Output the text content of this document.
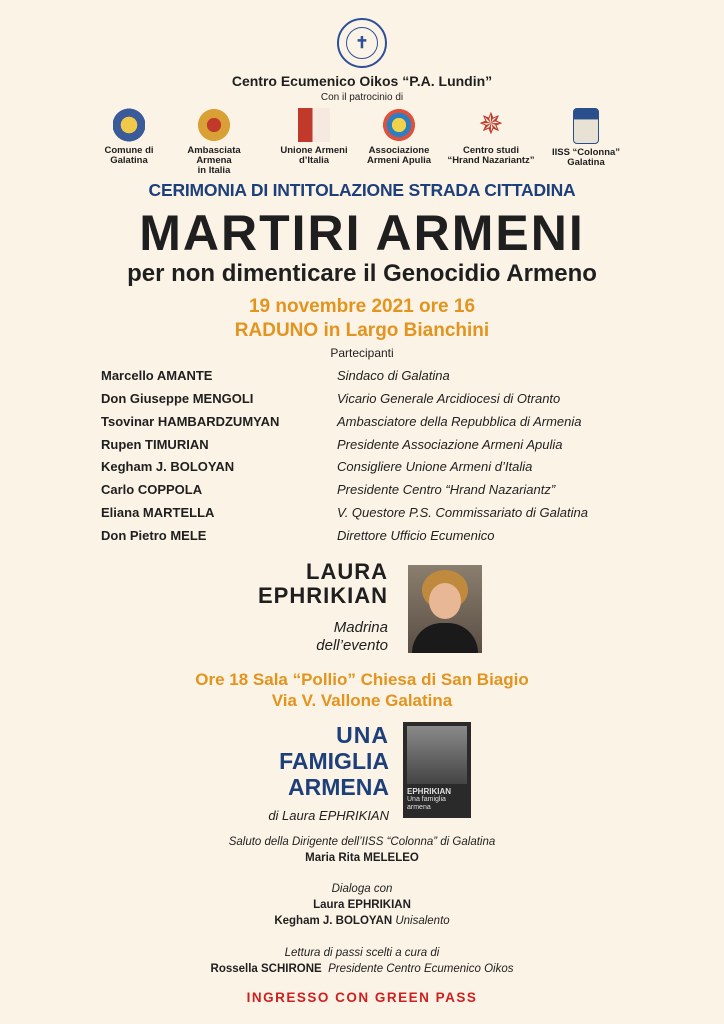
✝
Centro Ecumenico Oikos “P.A. Lundin”
Con il patrocinio di
Comune di
Galatina
Ambasciata Armena
in Italia
Unione Armeni
d’Italia
Associazione
Armeni Apulia
✵
Centro studi
“Hrand Nazariantz”
IISS “Colonna”
Galatina
CERIMONIA DI INTITOLAZIONE STRADA CITTADINA
MARTIRI ARMENI
per non dimenticare il Genocidio Armeno
19 novembre 2021 ore 16
RADUNO in Largo Bianchini
Partecipanti
Marcello AMANTE	Sindaco di Galatina
Don Giuseppe MENGOLI	Vicario Generale Arcidiocesi di Otranto
Tsovinar HAMBARDZUMYAN	Ambasciatore della Repubblica di Armenia
Rupen TIMURIAN	Presidente Associazione Armeni Apulia
Kegham J. BOLOYAN	Consigliere Unione Armeni d’Italia
Carlo COPPOLA	Presidente Centro “Hrand Nazariantz”
Eliana MARTELLA	V. Questore P.S. Commissariato di Galatina
Don Pietro MELE	Direttore Ufficio Ecumenico
LAURA
EPHRIKIAN
Madrina
dell’evento
Ore 18 Sala “Pollio” Chiesa di San Biagio
Via V. Vallone Galatina
UNA
FAMIGLIA
ARMENA
di Laura EPHRIKIAN
EPHRIKIAN
Una famiglia armena
Saluto della Dirigente dell’IISS “Colonna” di Galatina
Maria Rita MELELEO
Dialoga con
Laura EPHRIKIAN
Kegham J. BOLOYAN Unisalento
Lettura di passi scelti a cura di
Rossella SCHIRONE Presidente Centro Ecumenico Oikos
INGRESSO CON GREEN PASS
